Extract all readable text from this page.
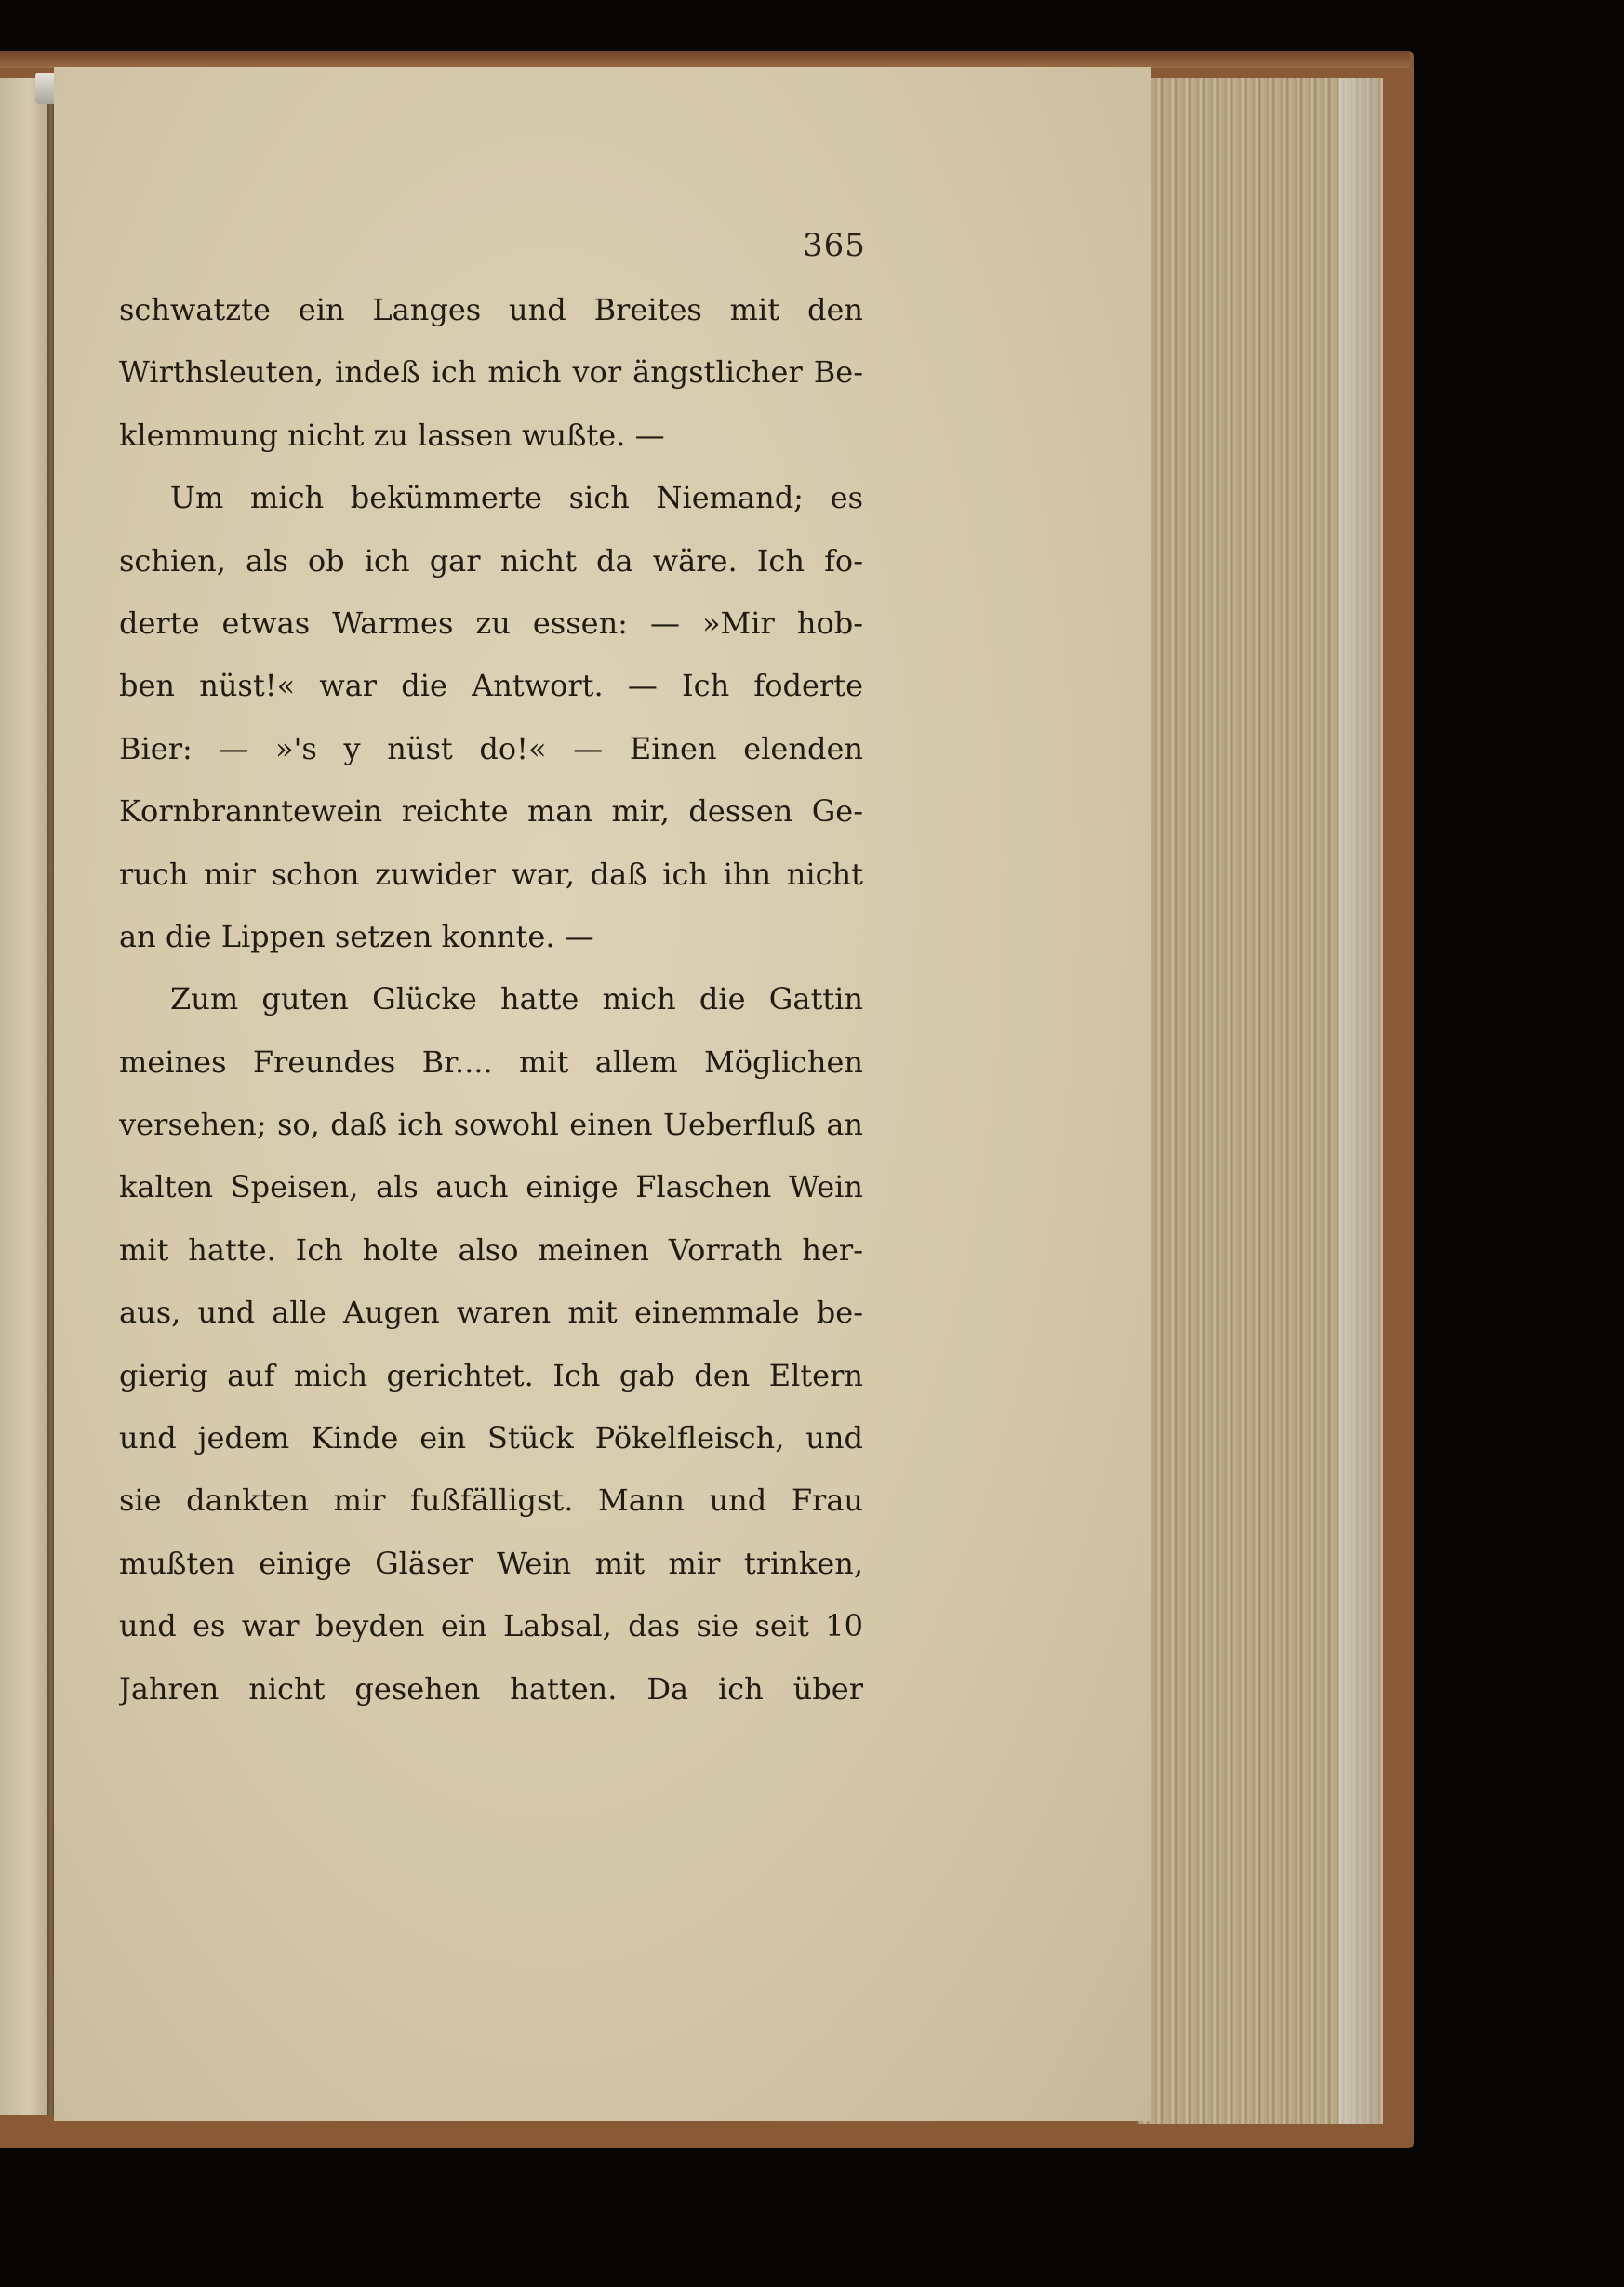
365
schwatzte ein Langes und Breites mit den
Wirthsleuten, indeß ich mich vor ängstlicher Be-
klemmung nicht zu lassen wußte. —
Um mich bekümmerte sich Niemand; es
schien, als ob ich gar nicht da wäre. Ich fo-
derte etwas Warmes zu essen: — »Mir hob-
ben nüst!« war die Antwort. — Ich foderte
Bier: — »'s y nüst do!« — Einen elenden
Kornbranntewein reichte man mir, dessen Ge-
ruch mir schon zuwider war, daß ich ihn nicht
an die Lippen setzen konnte. —
Zum guten Glücke hatte mich die Gattin
meines Freundes Br.... mit allem Möglichen
versehen; so, daß ich sowohl einen Ueberfluß an
kalten Speisen, als auch einige Flaschen Wein
mit hatte. Ich holte also meinen Vorrath her-
aus, und alle Augen waren mit einemmale be-
gierig auf mich gerichtet. Ich gab den Eltern
und jedem Kinde ein Stück Pökelfleisch, und
sie dankten mir fußfälligst. Mann und Frau
mußten einige Gläser Wein mit mir trinken,
und es war beyden ein Labsal, das sie seit 10
Jahren nicht gesehen hatten. Da ich über
